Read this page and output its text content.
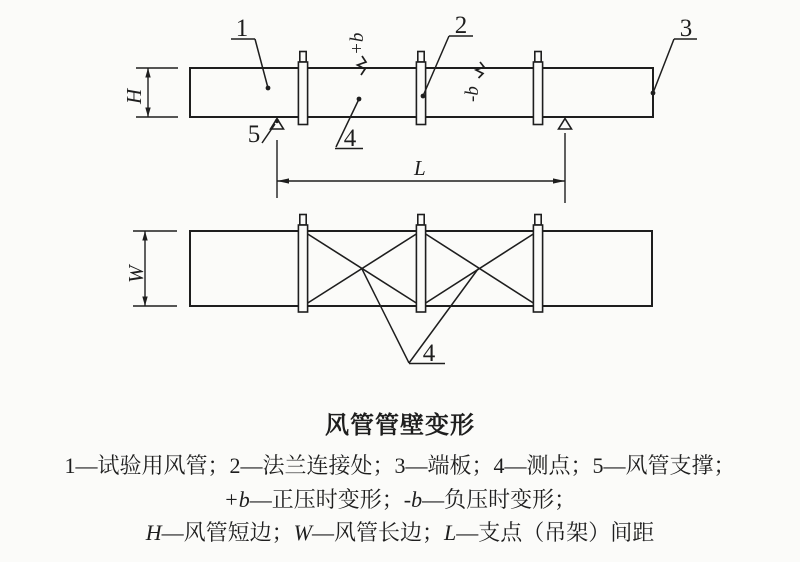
H
L
+b
-b
1	2	3
4
5
W
4
风管管壁变形
1—试验用风管；2—法兰连接处；3—端板；4—测点；5—风管支撑；
+b—正压时变形；-b—负压时变形；
H—风管短边；W—风管长边；L—支点（吊架）间距
